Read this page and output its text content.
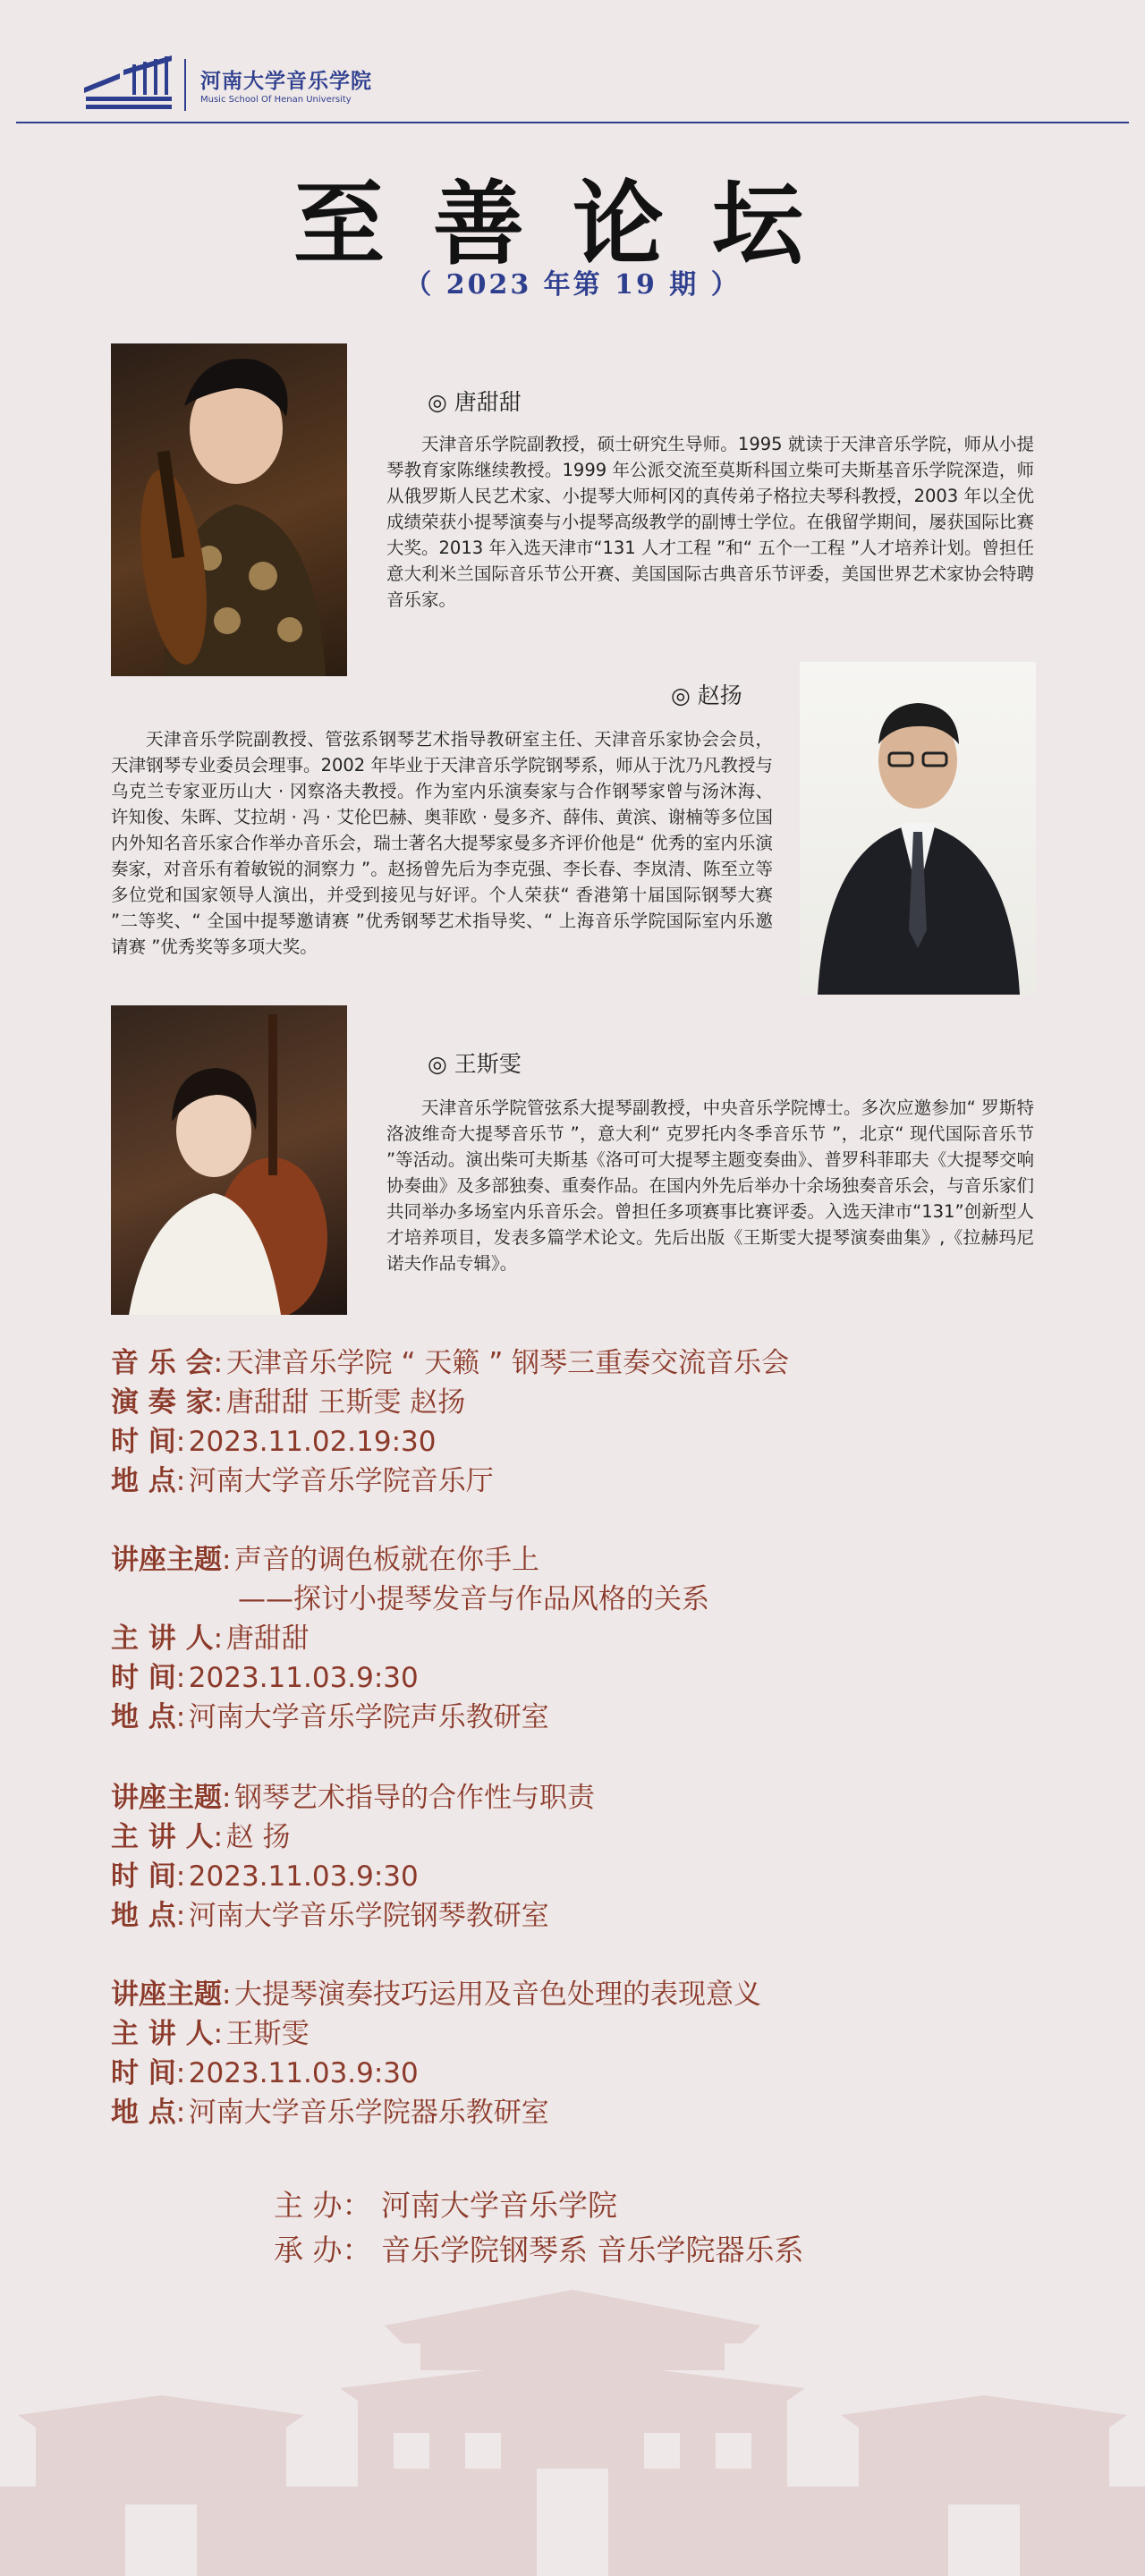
河南大学音乐学院
Music School Of Henan University
至善论坛
（ 2023 年第 19 期 ）
◎ 唐甜甜

天津音乐学院副教授，硕士研究生导师。1995 就读于天津音乐学院，师从小提琴教育家陈继续教授。1999 年公派交流至莫斯科国立柴可夫斯基音乐学院深造，师从俄罗斯人民艺术家、小提琴大师柯冈的真传弟子格拉夫琴科教授，2003 年以全优成绩荣获小提琴演奏与小提琴高级教学的副博士学位。在俄留学期间，屡获国际比赛大奖。2013 年入选天津市“131 人才工程 ”和“ 五个一工程 ”人才培养计划。曾担任意大利米兰国际音乐节公开赛、美国国际古典音乐节评委，美国世界艺术家协会特聘音乐家。

◎ 赵扬

天津音乐学院副教授、管弦系钢琴艺术指导教研室主任、天津音乐家协会会员，天津钢琴专业委员会理事。2002 年毕业于天津音乐学院钢琴系，师从于沈乃凡教授与乌克兰专家亚历山大 · 冈察洛夫教授。作为室内乐演奏家与合作钢琴家曾与汤沐海、许知俊、朱晖、艾拉胡 · 冯 · 艾伦巴赫、奥菲欧 · 曼多齐、薛伟、黄滨、谢楠等多位国内外知名音乐家合作举办音乐会，瑞士著名大提琴家曼多齐评价他是“ 优秀的室内乐演奏家，对音乐有着敏锐的洞察力 ”。赵扬曾先后为李克强、李长春、李岚清、陈至立等多位党和国家领导人演出，并受到接见与好评。个人荣获“ 香港第十届国际钢琴大赛 ”二等奖、“ 全国中提琴邀请赛 ”优秀钢琴艺术指导奖、“ 上海音乐学院国际室内乐邀请赛 ”优秀奖等多项大奖。

◎ 王斯雯

天津音乐学院管弦系大提琴副教授，中央音乐学院博士。多次应邀参加“ 罗斯特洛波维奇大提琴音乐节 ”，意大利“ 克罗托内冬季音乐节 ”，北京“ 现代国际音乐节 ”等活动。演出柴可夫斯基《洛可可大提琴主题变奏曲》、普罗科菲耶夫《大提琴交响协奏曲》及多部独奏、重奏作品。在国内外先后举办十余场独奏音乐会，与音乐家们共同举办多场室内乐音乐会。曾担任多项赛事比赛评委。入选天津市“131”创新型人才培养项目，发表多篇学术论文。先后出版《王斯雯大提琴演奏曲集》,《拉赫玛尼诺夫作品专辑》。

音 乐 会: 天津音乐学院 “ 天籁 ” 钢琴三重奏交流音乐会
演 奏 家: 唐甜甜 王斯雯 赵扬
时 间: 2023.11.02.19:30
地 点: 河南大学音乐学院音乐厅
讲座主题: 声音的调色板就在你手上
——探讨小提琴发音与作品风格的关系
主 讲 人: 唐甜甜
时 间: 2023.11.03.9:30
地 点: 河南大学音乐学院声乐教研室
讲座主题: 钢琴艺术指导的合作性与职责
主 讲 人: 赵 扬
时 间: 2023.11.03.9:30
地 点: 河南大学音乐学院钢琴教研室
讲座主题: 大提琴演奏技巧运用及音色处理的表现意义
主 讲 人: 王斯雯
时 间: 2023.11.03.9:30
地 点: 河南大学音乐学院器乐教研室
主 办： 河南大学音乐学院
承 办： 音乐学院钢琴系 音乐学院器乐系
